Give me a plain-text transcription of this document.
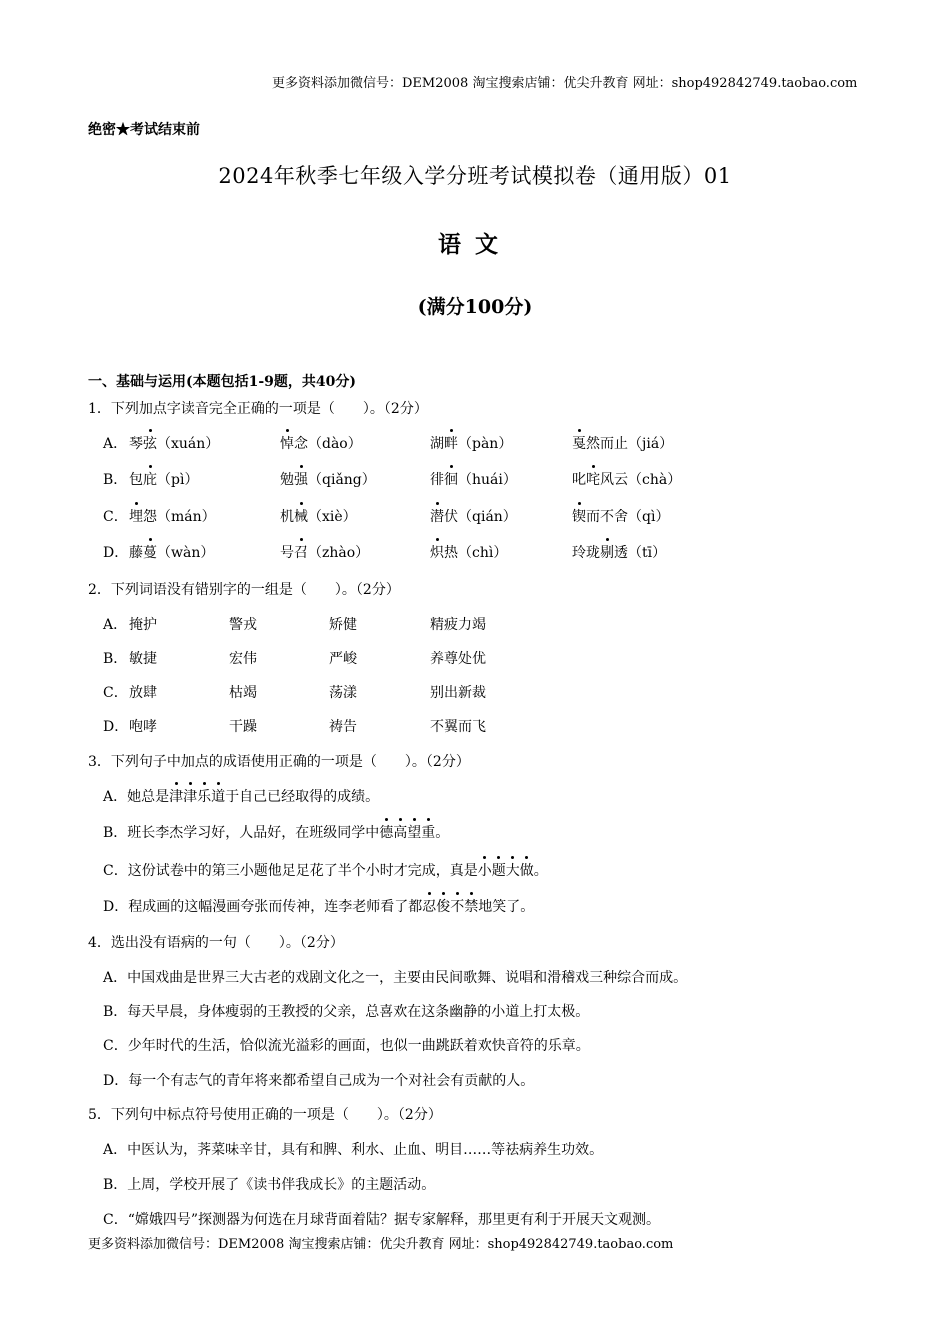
更多资料添加微信号：DEM2008 淘宝搜索店铺：优尖升教育 网址：shop492842749.taobao.com
绝密★考试结束前
2024年秋季七年级入学分班考试模拟卷（通用版）01
语文
(满分100分)
一、基础与运用(本题包括1-9题，共40分)
1．下列加点字读音完全正确的一项是（　　）。（2分）
A． 琴弦（xuán）	悼念（dào）	湖畔（pàn）	戛然而止（jiá）
B． 包庇（pì）	勉强（qiǎng）	徘徊（huái）	叱咤风云（chà）
C． 埋怨（mán）	机械（xiè）	潜伏（qián）	锲而不舍（qì）
D． 藤蔓（wàn）	号召（zhào）	炽热（chì）	玲珑剔透（tī）
2．下列词语没有错别字的一组是（　　）。（2分）
A． 掩护	警戎	矫健	精疲力竭
B． 敏捷	宏伟	严峻	养尊处优
C． 放肆	枯竭	荡漾	别出新裁
D． 咆哮	干躁	祷告	不翼而飞
3．下列句子中加点的成语使用正确的一项是（　　）。（2分）
A．她总是津津乐道于自己已经取得的成绩。
B．班长李杰学习好，人品好，在班级同学中德高望重。
C．这份试卷中的第三小题他足足花了半个小时才完成，真是小题大做。
D．程成画的这幅漫画夸张而传神，连李老师看了都忍俊不禁地笑了。
4．选出没有语病的一句（　　）。（2分）
A．中国戏曲是世界三大古老的戏剧文化之一，主要由民间歌舞、说唱和滑稽戏三种综合而成。
B．每天早晨，身体瘦弱的王教授的父亲，总喜欢在这条幽静的小道上打太极。
C．少年时代的生活，恰似流光溢彩的画面，也似一曲跳跃着欢快音符的乐章。
D．每一个有志气的青年将来都希望自己成为一个对社会有贡献的人。
5．下列句中标点符号使用正确的一项是（　　）。（2分）
A．中医认为，荠菜味辛甘，具有和脾、利水、止血、明目……等祛病养生功效。
B．上周，学校开展了《读书伴我成长》的主题活动。
C．“嫦娥四号”探测器为何选在月球背面着陆？据专家解释，那里更有利于开展天文观测。
更多资料添加微信号：DEM2008 淘宝搜索店铺：优尖升教育 网址：shop492842749.taobao.com
